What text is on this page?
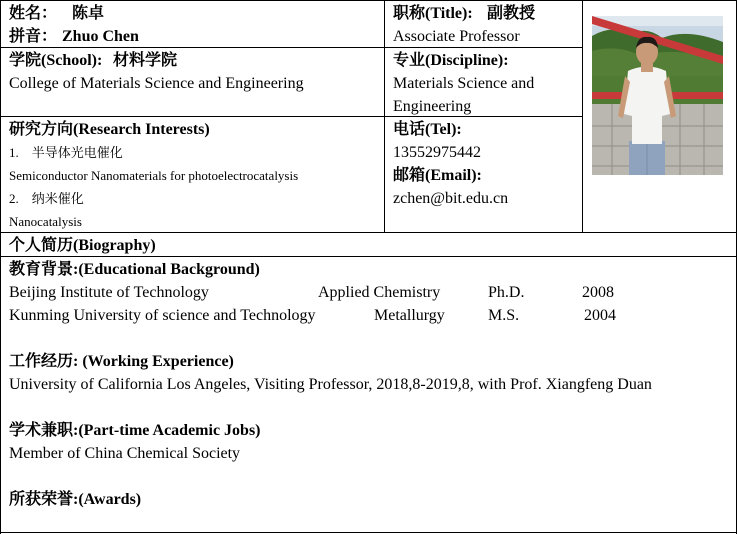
姓名： 陈卓
拼音： Zhuo Chen
职称(Title): 副教授
Associate Professor
学院(School): 材料学院
College of Materials Science and Engineering
专业(Discipline):
Materials Science and
Engineering
研究方向(Research Interests)
1.    半导体光电催化
Semiconductor Nanomaterials for photoelectrocatalysis
2.    纳米催化
Nanocatalysis
电话(Tel):
13552975442
邮箱(Email):
zchen@bit.edu.cn
个人简历(Biography)
教育背景:(Educational Background)
Beijing Institute of Technology	Applied Chemistry	Ph.D.	2008
Kunming University of science and Technology	Metallurgy	M.S.	2004
工作经历: (Working Experience)
University of California Los Angeles, Visiting Professor, 2018,8-2019,8, with Prof. Xiangfeng Duan
学术兼职:(Part-time Academic Jobs)
Member of China Chemical Society
所获荣誉:(Awards)
